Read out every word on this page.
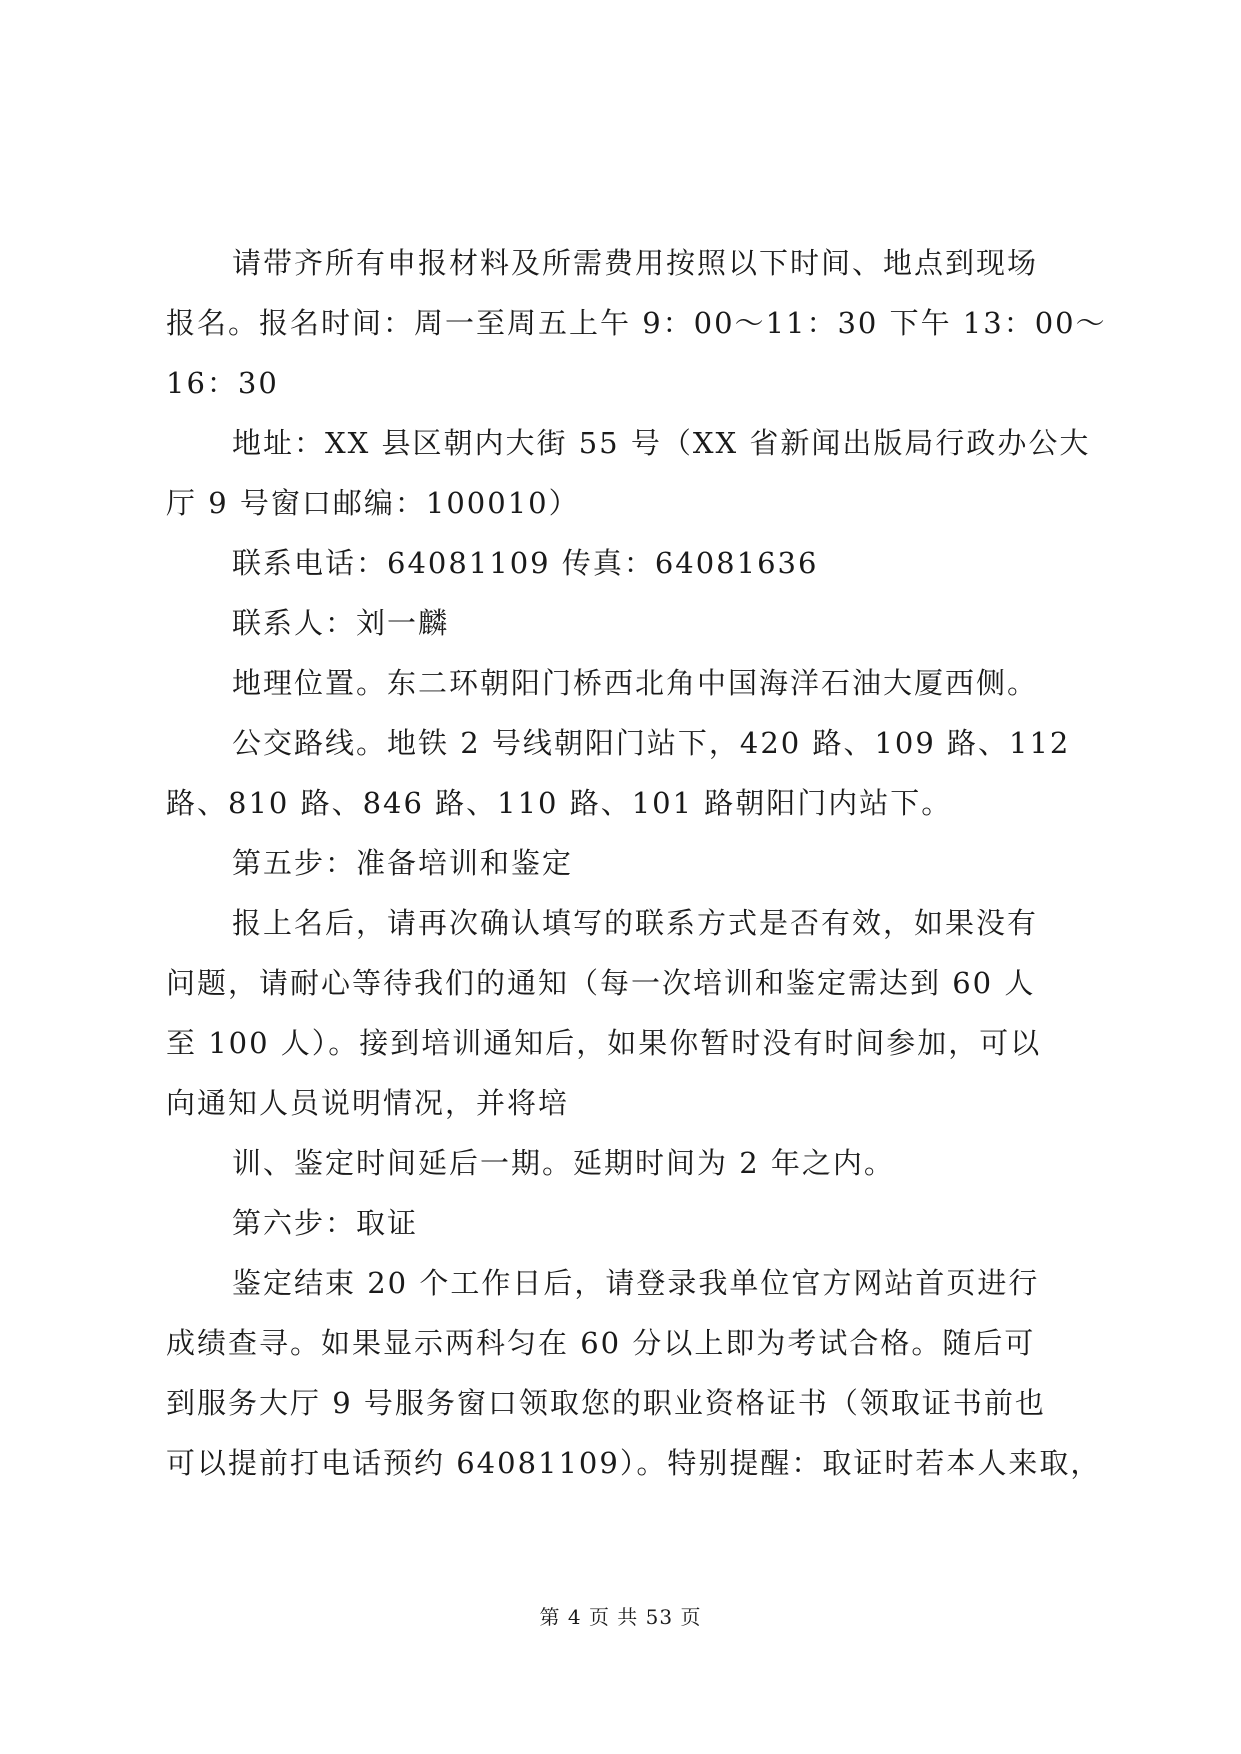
请带齐所有申报材料及所需费用按照以下时间、地点到现场
报名。报名时间：周一至周五上午 9：00～11：30 下午 13：00～
16：30
地址：XX 县区朝内大街 55 号（XX 省新闻出版局行政办公大
厅 9 号窗口邮编：100010）
联系电话：64081109 传真：64081636
联系人：刘一麟
地理位置。东二环朝阳门桥西北角中国海洋石油大厦西侧。
公交路线。地铁 2 号线朝阳门站下，420 路、109 路、112
路、810 路、846 路、110 路、101 路朝阳门内站下。
第五步：准备培训和鉴定
报上名后，请再次确认填写的联系方式是否有效，如果没有
问题，请耐心等待我们的通知（每一次培训和鉴定需达到 60 人
至 100 人）。接到培训通知后，如果你暂时没有时间参加，可以
向通知人员说明情况，并将培
训、鉴定时间延后一期。延期时间为 2 年之内。
第六步：取证
鉴定结束 20 个工作日后，请登录我单位官方网站首页进行
成绩查寻。如果显示两科匀在 60 分以上即为考试合格。随后可
到服务大厅 9 号服务窗口领取您的职业资格证书（领取证书前也
可以提前打电话预约 64081109）。特别提醒：取证时若本人来取，
第 4 页 共 53 页
